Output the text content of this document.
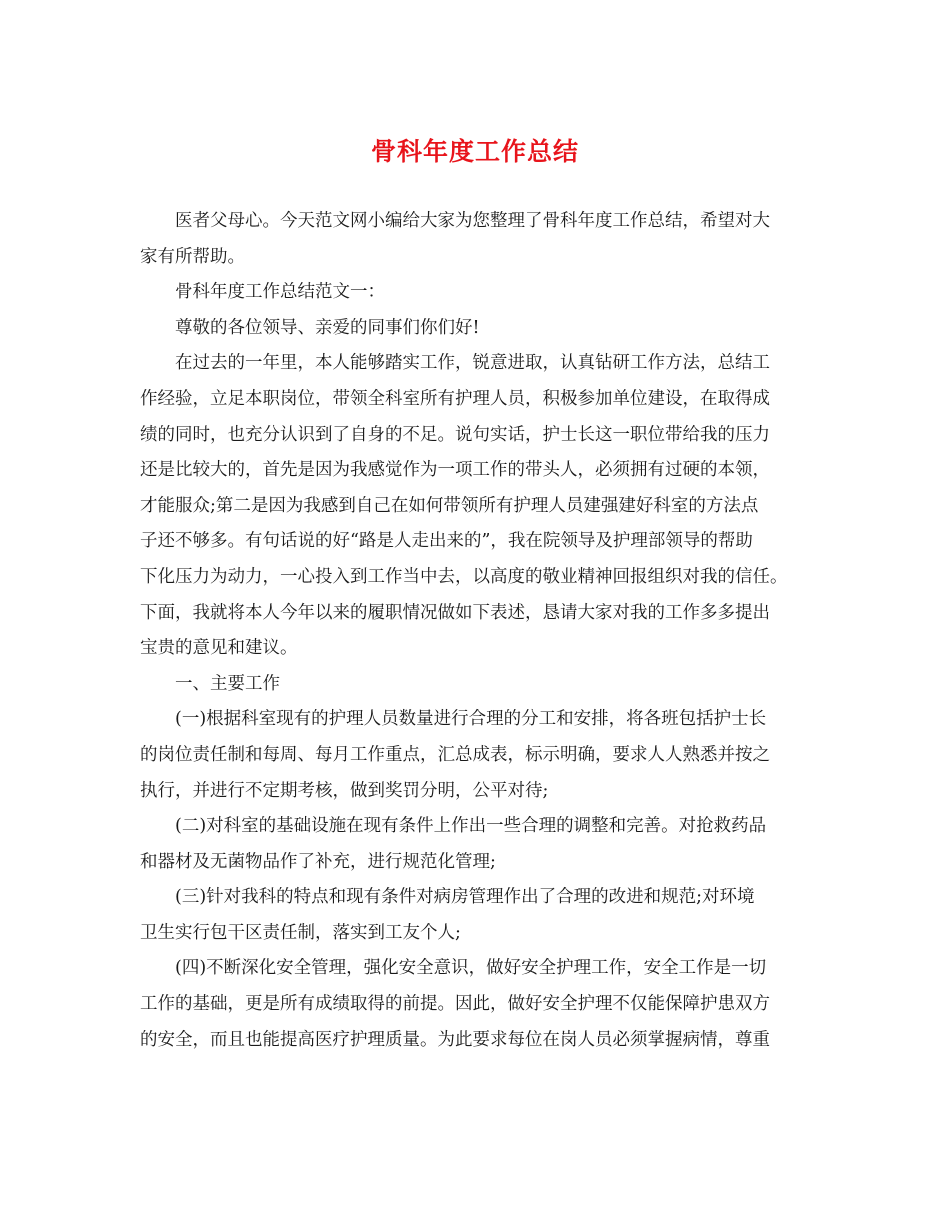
骨科年度工作总结

医者父母心。今天范文网小编给大家为您整理了骨科年度工作总结，希望对大
家有所帮助。

骨科年度工作总结范文一：

尊敬的各位领导、亲爱的同事们你们好!

在过去的一年里，本人能够踏实工作，锐意进取，认真钻研工作方法，总结工
作经验，立足本职岗位，带领全科室所有护理人员，积极参加单位建设，在取得成
绩的同时，也充分认识到了自身的不足。说句实话，护士长这一职位带给我的压力
还是比较大的，首先是因为我感觉作为一项工作的带头人，必须拥有过硬的本领，
才能服众;第二是因为我感到自己在如何带领所有护理人员建强建好科室的方法点
子还不够多。有句话说的好“路是人走出来的”，我在院领导及护理部领导的帮助
下化压力为动力，一心投入到工作当中去，以高度的敬业精神回报组织对我的信任。
下面，我就将本人今年以来的履职情况做如下表述，恳请大家对我的工作多多提出
宝贵的意见和建议。

一、主要工作

(一)根据科室现有的护理人员数量进行合理的分工和安排，将各班包括护士长
的岗位责任制和每周、每月工作重点，汇总成表，标示明确，要求人人熟悉并按之
执行，并进行不定期考核，做到奖罚分明，公平对待;

(二)对科室的基础设施在现有条件上作出一些合理的调整和完善。对抢救药品
和器材及无菌物品作了补充，进行规范化管理;

(三)针对我科的特点和现有条件对病房管理作出了合理的改进和规范;对环境
卫生实行包干区责任制，落实到工友个人;

(四)不断深化安全管理，强化安全意识，做好安全护理工作，安全工作是一切
工作的基础，更是所有成绩取得的前提。因此，做好安全护理不仅能保障护患双方
的安全，而且也能提高医疗护理质量。为此要求每位在岗人员必须掌握病情，尊重
